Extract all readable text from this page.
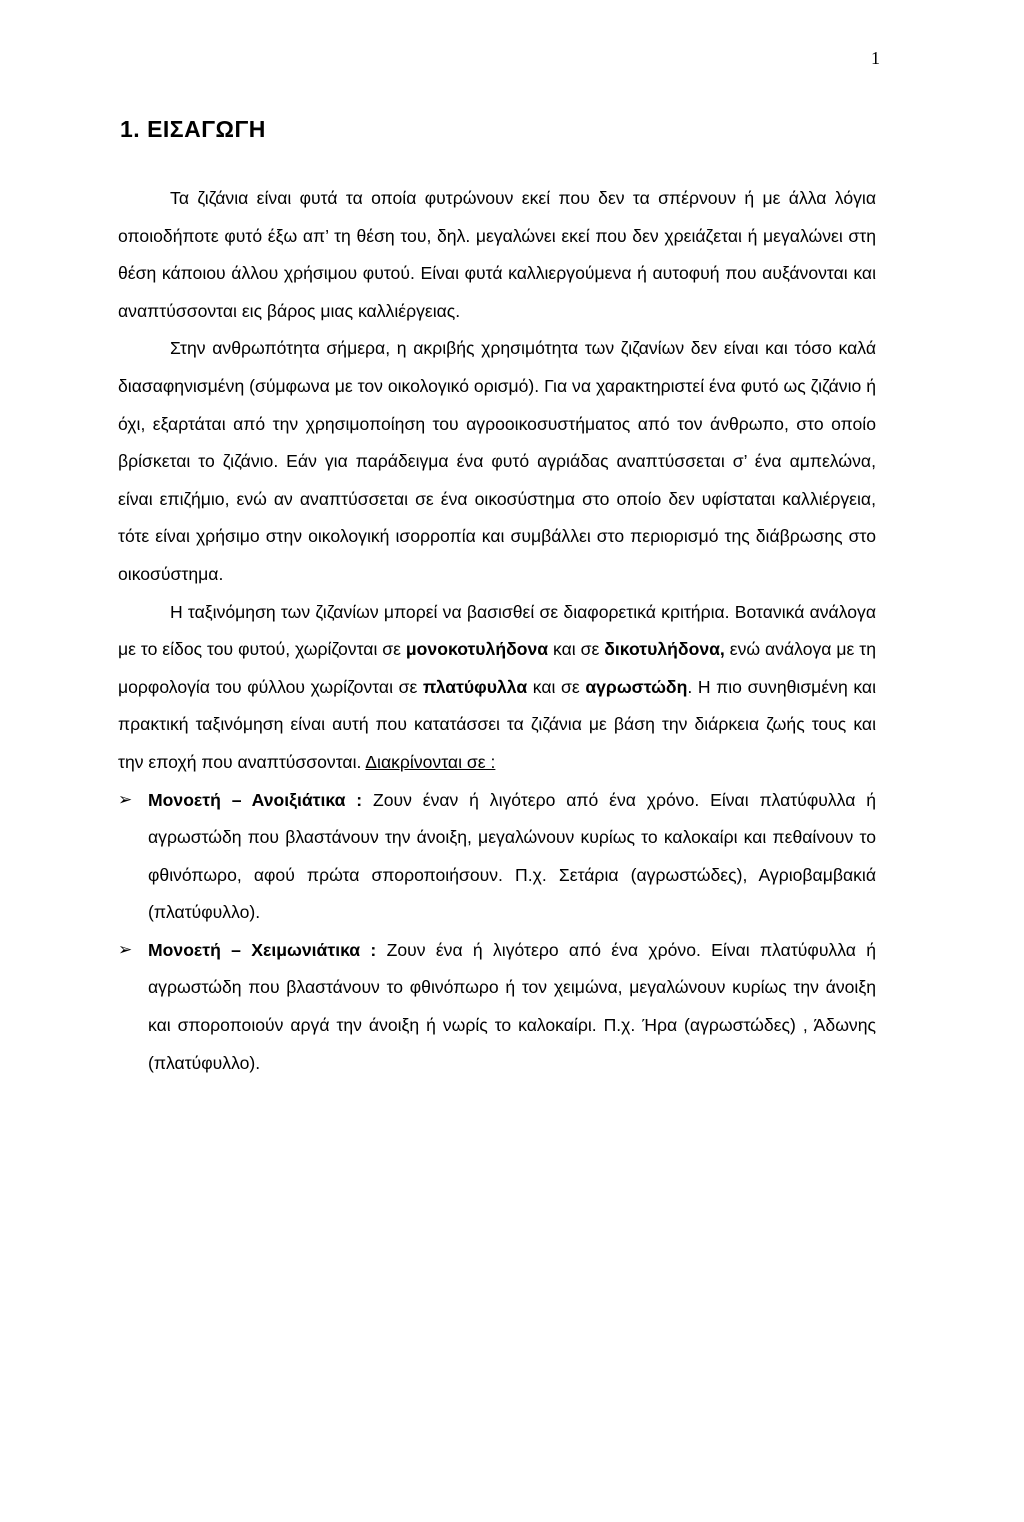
1
1. ΕΙΣΑΓΩΓΗ

Τα ζιζάνια είναι φυτά τα οποία φυτρώνουν εκεί που δεν τα σπέρνουν ή με άλλα λόγια οποιοδήποτε φυτό έξω απ’ τη θέση του, δηλ. μεγαλώνει εκεί που δεν χρειάζεται ή μεγαλώνει στη θέση κάποιου άλλου χρήσιμου φυτού. Είναι φυτά καλλιεργούμενα ή αυτοφυή που αυξάνονται και αναπτύσσονται εις βάρος μιας καλλιέργειας.

Στην ανθρωπότητα σήμερα, η ακριβής χρησιμότητα των ζιζανίων δεν είναι και τόσο καλά διασαφηνισμένη (σύμφωνα με τον οικολογικό ορισμό). Για να χαρακτηριστεί ένα φυτό ως ζιζάνιο ή όχι, εξαρτάται από την χρησιμοποίηση του αγροοικοσυστήματος από τον άνθρωπο, στο οποίο βρίσκεται το ζιζάνιο. Εάν για παράδειγμα ένα φυτό αγριάδας αναπτύσσεται σ’ ένα αμπελώνα, είναι επιζήμιο, ενώ αν αναπτύσσεται σε ένα οικοσύστημα στο οποίο δεν υφίσταται καλλιέργεια, τότε είναι χρήσιμο στην οικολογική ισορροπία και συμβάλλει στο περιορισμό της διάβρωσης στο οικοσύστημα.

Η ταξινόμηση των ζιζανίων μπορεί να βασισθεί σε διαφορετικά κριτήρια. Βοτανικά ανάλογα με το είδος του φυτού, χωρίζονται σε μονοκοτυλήδονα και σε δικοτυλήδονα, ενώ ανάλογα με τη μορφολογία του φύλλου χωρίζονται σε πλατύφυλλα και σε αγρωστώδη. Η πιο συνηθισμένη και πρακτική ταξινόμηση είναι αυτή που κατατάσσει τα ζιζάνια με βάση την διάρκεια ζωής τους και την εποχή που αναπτύσσονται. Διακρίνονται σε :

➢ Μονοετή – Ανοιξιάτικα : Ζουν έναν ή λιγότερο από ένα χρόνο. Είναι πλατύφυλλα ή αγρωστώδη που βλαστάνουν την άνοιξη, μεγαλώνουν κυρίως το καλοκαίρι και πεθαίνουν το φθινόπωρο, αφού πρώτα σποροποιήσουν. Π.χ. Σετάρια (αγρωστώδες), Αγριοβαμβακιά (πλατύφυλλο).
➢ Μονοετή – Χειμωνιάτικα : Ζουν ένα ή λιγότερο από ένα χρόνο. Είναι πλατύφυλλα ή αγρωστώδη που βλαστάνουν το φθινόπωρο ή τον χειμώνα, μεγαλώνουν κυρίως την άνοιξη και σποροποιούν αργά την άνοιξη ή νωρίς το καλοκαίρι. Π.χ. Ήρα (αγρωστώδες) , Άδωνης (πλατύφυλλο).
